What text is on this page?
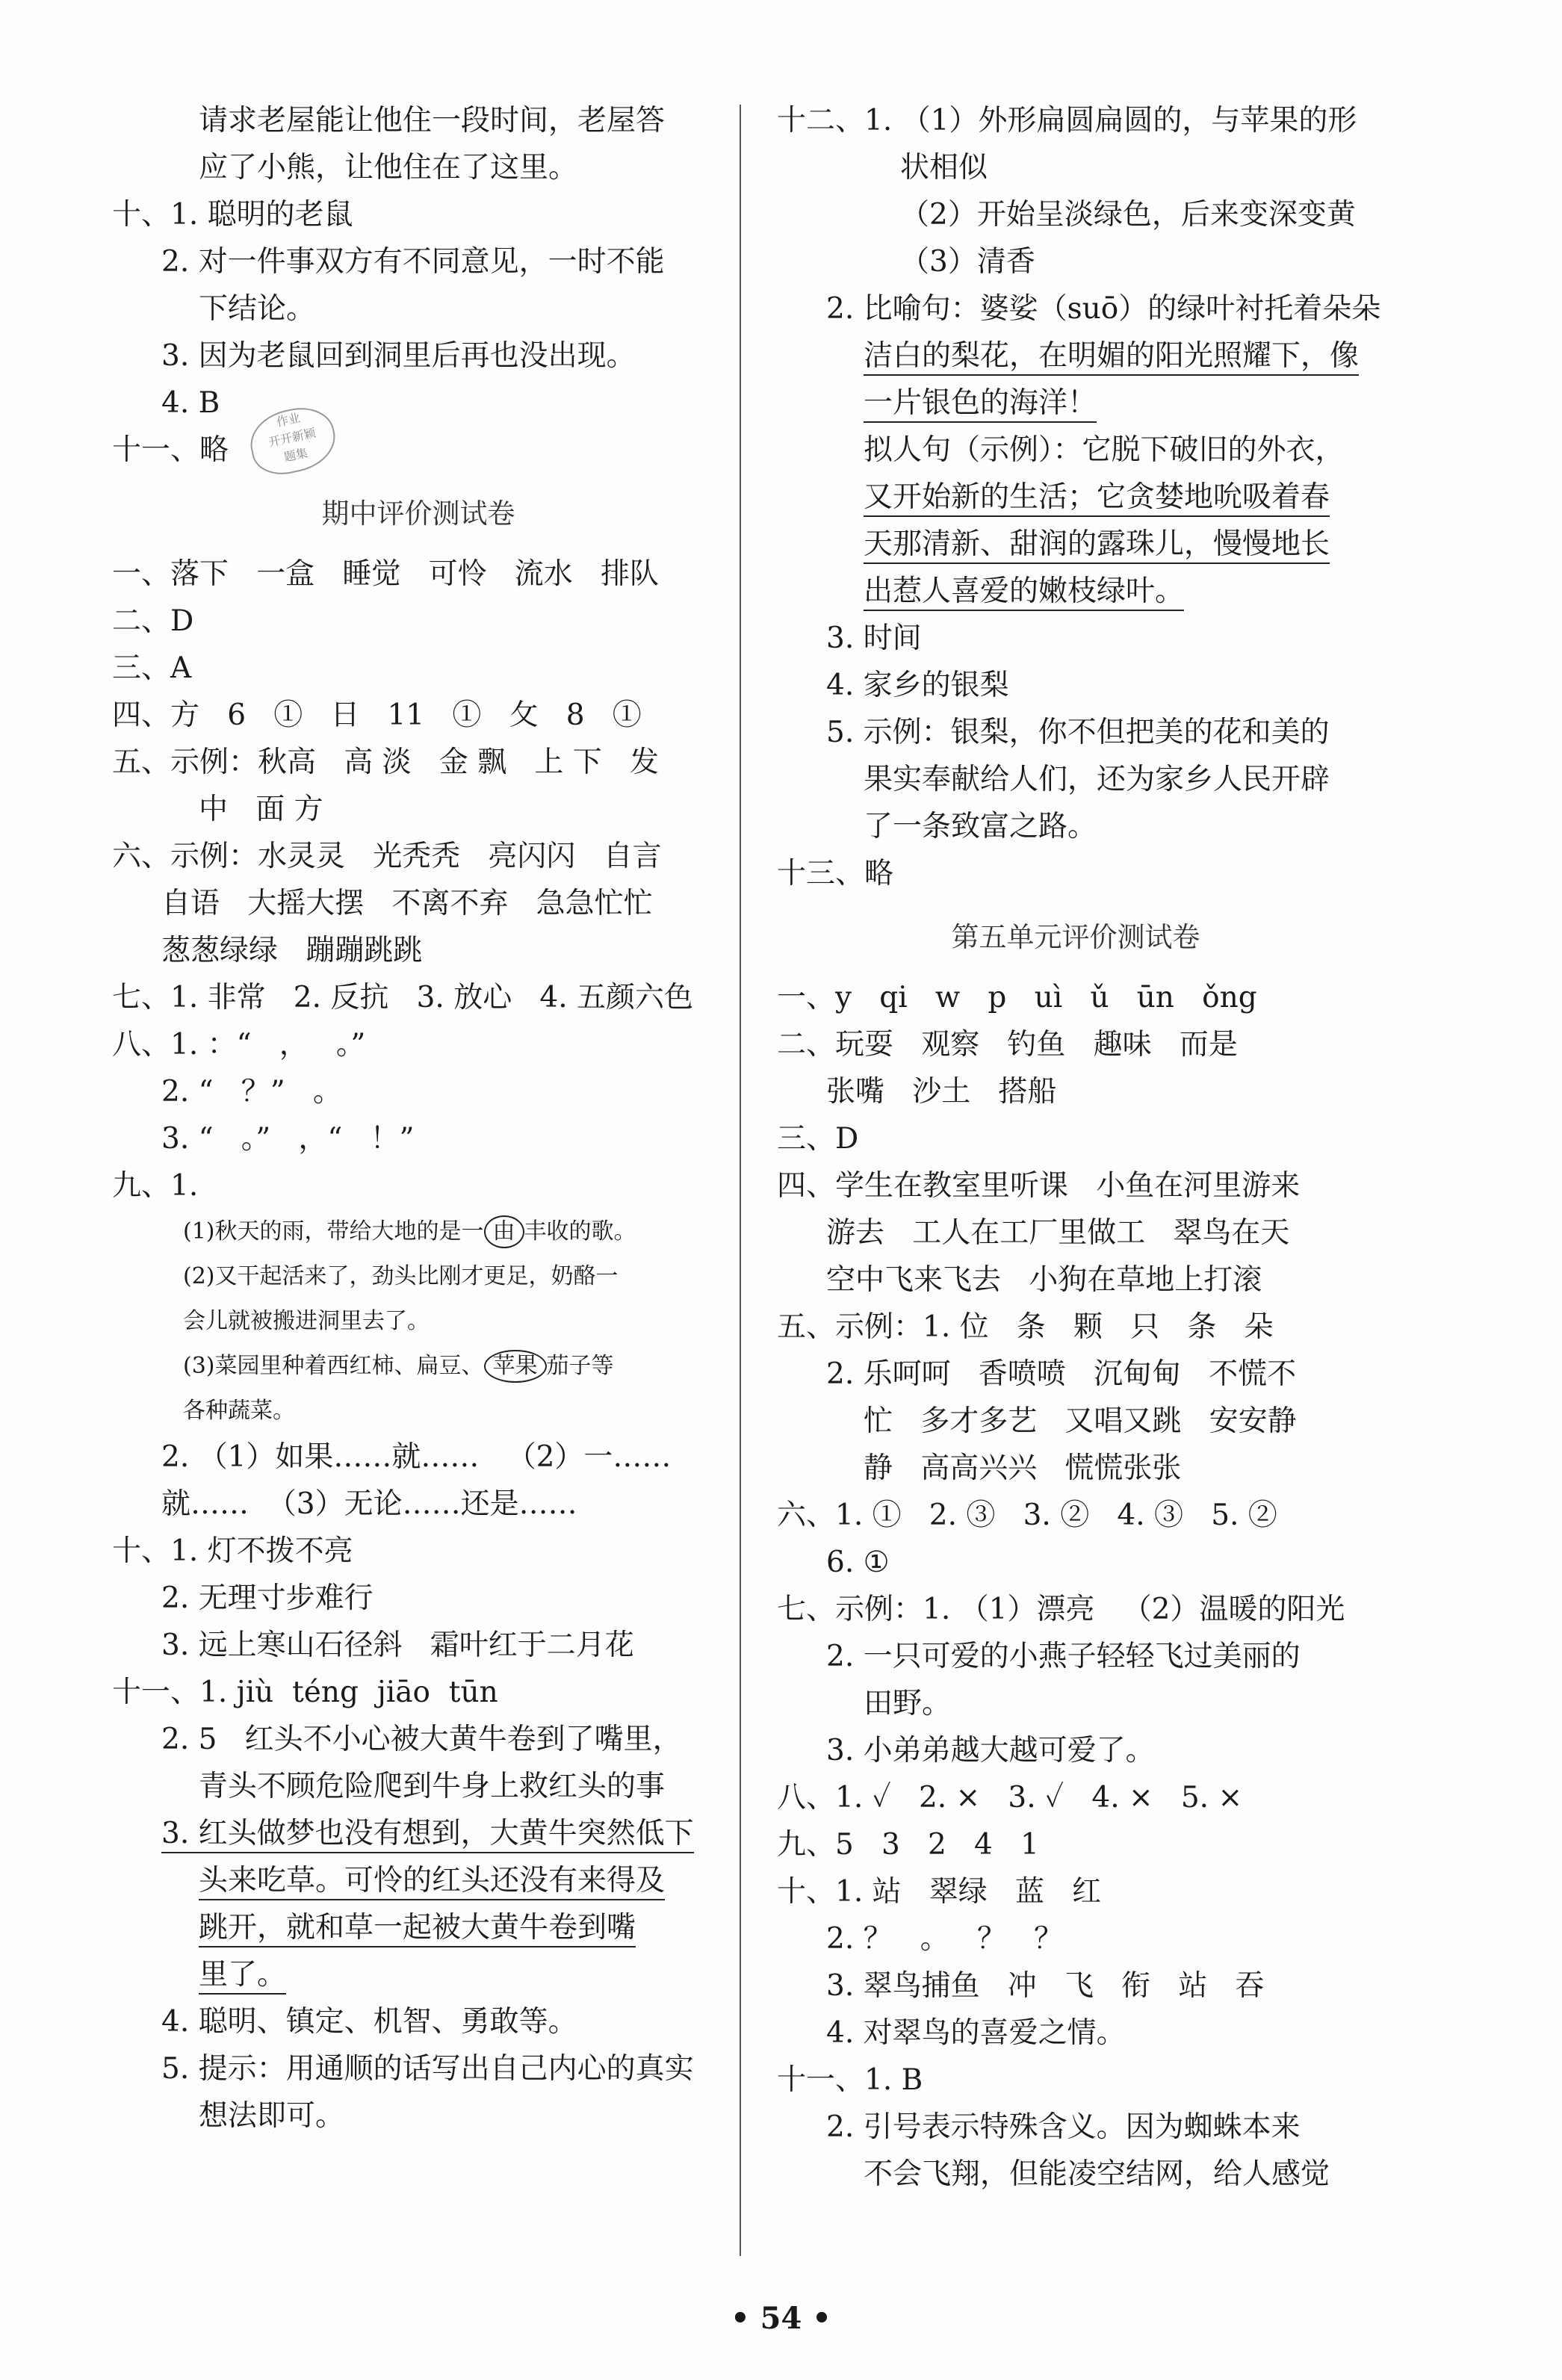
请求老屋能让他住一段时间，老屋答
应了小熊，让他住在了这里。
十、1. 聪明的老鼠
2. 对一件事双方有不同意见，一时不能
下结论。
3. 因为老鼠回到洞里后再也没出现。
4. B
十一、略
期中评价测试卷
一、落下   一盒   睡觉   可怜   流水   排队
二、D
三、A
四、方   6   ①   日   11   ①   攵   8   ①
五、示例：秋高   高 淡   金 飘   上 下   发
中   面 方
六、示例：水灵灵   光秃秃   亮闪闪   自言
自语   大摇大摆   不离不弃   急急忙忙
葱葱绿绿   蹦蹦跳跳
七、1. 非常   2. 反抗   3. 放心   4. 五颜六色
八、1. ：“   ，   。”
2. “   ？”   。
3. “   。”   ，“   ！”
九、1.
(1)秋天的雨，带给大地的是一 由 丰收的歌。
(2)又干起活来了，劲头比刚才更足，奶酪一
会儿就被搬进洞里去了。
(3)菜园里种着西红柿、扁豆、 苹果 茄子等
各种蔬菜。
2. （1）如果……就……   （2）一……
就……  （3）无论……还是……
十、1. 灯不拨不亮
2. 无理寸步难行
3. 远上寒山石径斜   霜叶红于二月花
十一、1. jiù  téng  jiāo  tūn
2. 5   红头不小心被大黄牛卷到了嘴里，
青头不顾危险爬到牛身上救红头的事
3. 红头做梦也没有想到，大黄牛突然低下
头来吃草。可怜的红头还没有来得及
跳开，就和草一起被大黄牛卷到嘴
里了。
4. 聪明、镇定、机智、勇敢等。
5. 提示：用通顺的话写出自己内心的真实
想法即可。
十二、1. （1）外形扁圆扁圆的，与苹果的形
状相似
（2）开始呈淡绿色，后来变深变黄
（3）清香
2. 比喻句：婆娑（suō）的绿叶衬托着朵朵
洁白的梨花，在明媚的阳光照耀下，像
一片银色的海洋！
拟人句（示例）：它脱下破旧的外衣，
又开始新的生活；它贪婪地吮吸着春
天那清新、甜润的露珠儿，慢慢地长
出惹人喜爱的嫩枝绿叶。
3. 时间
4. 家乡的银梨
5. 示例：银梨，你不但把美的花和美的
果实奉献给人们，还为家乡人民开辟
了一条致富之路。
十三、略
第五单元评价测试卷
一、y   qi   w   p   uì   ǔ   ūn   ǒng
二、玩耍   观察   钓鱼   趣味   而是
张嘴   沙土   搭船
三、D
四、学生在教室里听课   小鱼在河里游来
游去   工人在工厂里做工   翠鸟在天
空中飞来飞去   小狗在草地上打滚
五、示例：1. 位   条   颗   只   条   朵
2. 乐呵呵   香喷喷   沉甸甸   不慌不
忙   多才多艺   又唱又跳   安安静
静   高高兴兴   慌慌张张
六、1. ①   2. ③   3. ②   4. ③   5. ②
6. ①
七、示例：1. （1）漂亮   （2）温暖的阳光
2. 一只可爱的小燕子轻轻飞过美丽的
田野。
3. 小弟弟越大越可爱了。
八、1. ✓   2. ×   3. ✓   4. ×   5. ×
九、5   3   2   4   1
十、1. 站   翠绿   蓝   红
2. ？   。   ？   ？
3. 翠鸟捕鱼   冲   飞   衔   站   吞
4. 对翠鸟的喜爱之情。
十一、1. B
2. 引号表示特殊含义。因为蜘蛛本来
不会飞翔，但能凌空结网，给人感觉
作业
开开新颖
题集
• 54 •
